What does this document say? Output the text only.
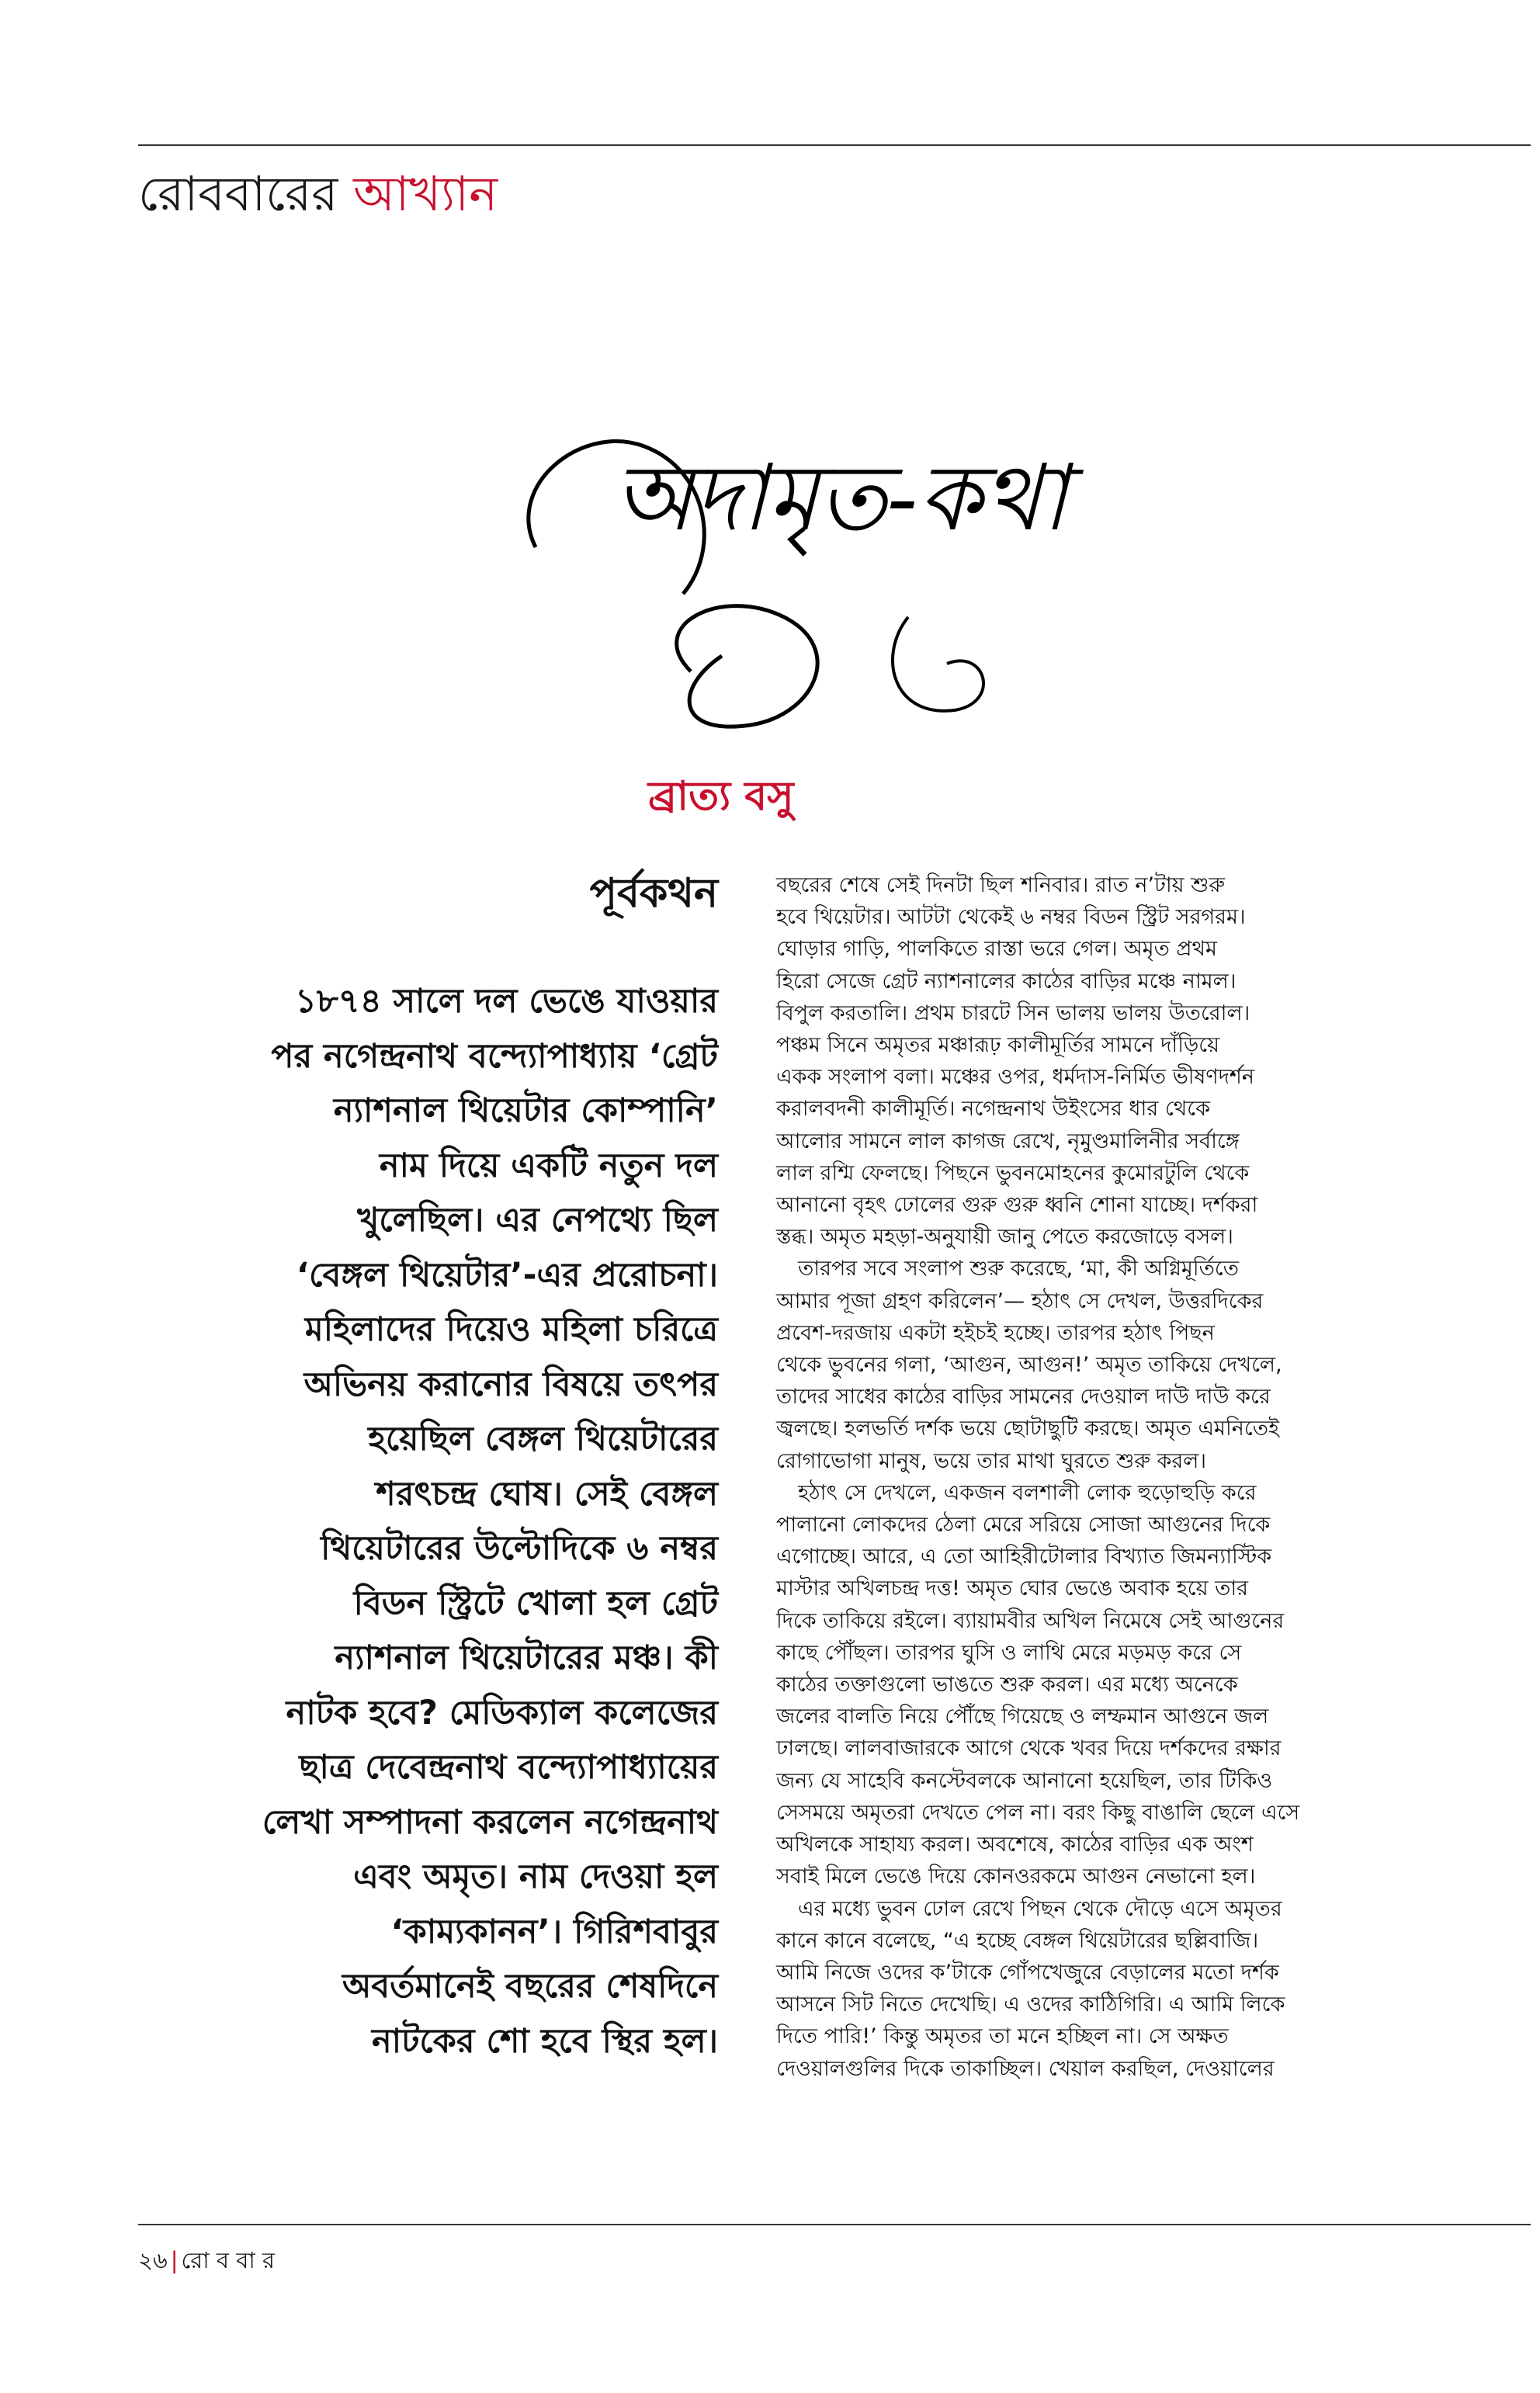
রোববারের আখ্যান
অদামৃত-কথা
ব্রাত্য বসু
পূর্বকথন

১৮৭৪ সালে দল ভেঙে যাওয়ার

পর নগেন্দ্রনাথ বন্দ্যোপাধ্যায় ‘গ্রেট

ন্যাশনাল থিয়েটার কোম্পানি’

নাম দিয়ে একটি নতুন দল

খুলেছিল। এর নেপথ্যে ছিল

‘বেঙ্গল থিয়েটার’-এর প্ররোচনা।

মহিলাদের দিয়েও মহিলা চরিত্রে

অভিনয় করানোর বিষয়ে তৎপর

হয়েছিল বেঙ্গল থিয়েটারের

শরৎচন্দ্র ঘোষ। সেই বেঙ্গল

থিয়েটারের উল্টোদিকে ৬ নম্বর

বিডন স্ট্রিটে খোলা হল গ্রেট

ন্যাশনাল থিয়েটারের মঞ্চ। কী

নাটক হবে? মেডিক্যাল কলেজের

ছাত্র দেবেন্দ্রনাথ বন্দ্যোপাধ্যায়ের

লেখা সম্পাদনা করলেন নগেন্দ্রনাথ

এবং অমৃত। নাম দেওয়া হল

‘কাম্যকানন’। গিরিশবাবুর

অবর্তমানেই বছরের শেষদিনে

নাটকের শো হবে স্থির হল।

বছরের শেষে সেই দিনটা ছিল শনিবার। রাত ন’টায় শুরু

হবে থিয়েটার। আটটা থেকেই ৬ নম্বর বিডন স্ট্রিট সরগরম।

ঘোড়ার গাড়ি, পালকিতে রাস্তা ভরে গেল। অমৃত প্রথম

হিরো সেজে গ্রেট ন্যাশনালের কাঠের বাড়ির মঞ্চে নামল।

বিপুল করতালি। প্রথম চারটে সিন ভালয় ভালয় উতরোল।

পঞ্চম সিনে অমৃতর মঞ্চারূঢ় কালীমূর্তির সামনে দাঁড়িয়ে

একক সংলাপ বলা। মঞ্চের ওপর, ধর্মদাস-নির্মিত ভীষণদর্শন

করালবদনী কালীমূর্তি। নগেন্দ্রনাথ উইংসের ধার থেকে

আলোর সামনে লাল কাগজ রেখে, নৃমুণ্ডমালিনীর সর্বাঙ্গে

লাল রশ্মি ফেলছে। পিছনে ভুবনমোহনের কুমোরটুলি থেকে

আনানো বৃহৎ ঢোলের গুরু গুরু ধ্বনি শোনা যাচ্ছে। দর্শকরা

স্তব্ধ। অমৃত মহড়া-অনুযায়ী জানু পেতে করজোড়ে বসল।

তারপর সবে সংলাপ শুরু করেছে, ‘মা, কী অগ্নিমূর্তিতে

আমার পূজা গ্রহণ করিলেন’— হঠাৎ সে দেখল, উত্তরদিকের

প্রবেশ-দরজায় একটা হইচই হচ্ছে। তারপর হঠাৎ পিছন

থেকে ভুবনের গলা, ‘আগুন, আগুন!’ অমৃত তাকিয়ে দেখলে,

তাদের সাধের কাঠের বাড়ির সামনের দেওয়াল দাউ দাউ করে

জ্বলছে। হলভর্তি দর্শক ভয়ে ছোটাছুটি করছে। অমৃত এমনিতেই

রোগাভোগা মানুষ, ভয়ে তার মাথা ঘুরতে শুরু করল।

হঠাৎ সে দেখলে, একজন বলশালী লোক হুড়োহুড়ি করে

পালানো লোকদের ঠেলা মেরে সরিয়ে সোজা আগুনের দিকে

এগোচ্ছে। আরে, এ তো আহিরীটোলার বিখ্যাত জিমন্যাস্টিক

মাস্টার অখিলচন্দ্র দত্ত! অমৃত ঘোর ভেঙে অবাক হয়ে তার

দিকে তাকিয়ে রইলে। ব্যায়ামবীর অখিল নিমেষে সেই আগুনের

কাছে পৌঁছল। তারপর ঘুসি ও লাথি মেরে মড়মড় করে সে

কাঠের তক্তাগুলো ভাঙতে শুরু করল। এর মধ্যে অনেকে

জলের বালতি নিয়ে পৌঁছে গিয়েছে ও লম্ফমান আগুনে জল

ঢালছে। লালবাজারকে আগে থেকে খবর দিয়ে দর্শকদের রক্ষার

জন্য যে সাহেবি কনস্টেবলকে আনানো হয়েছিল, তার টিকিও

সেসময়ে অমৃতরা দেখতে পেল না। বরং কিছু বাঙালি ছেলে এসে

অখিলকে সাহায্য করল। অবশেষে, কাঠের বাড়ির এক অংশ

সবাই মিলে ভেঙে দিয়ে কোনওরকমে আগুন নেভানো হল।

এর মধ্যে ভুবন ঢোল রেখে পিছন থেকে দৌড়ে এসে অমৃতর

কানে কানে বলেছে, “এ হচ্ছে বেঙ্গল থিয়েটারের ছল্লিবাজি।

আমি নিজে ওদের ক’টাকে গোঁপখেজুরে বেড়ালের মতো দর্শক

আসনে সিট নিতে দেখেছি। এ ওদের কাঠিগিরি। এ আমি লিকে

দিতে পারি!’ কিন্তু অমৃতর তা মনে হচ্ছিল না। সে অক্ষত

দেওয়ালগুলির দিকে তাকাচ্ছিল। খেয়াল করছিল, দেওয়ালের

২৬ | রো ব বা র
